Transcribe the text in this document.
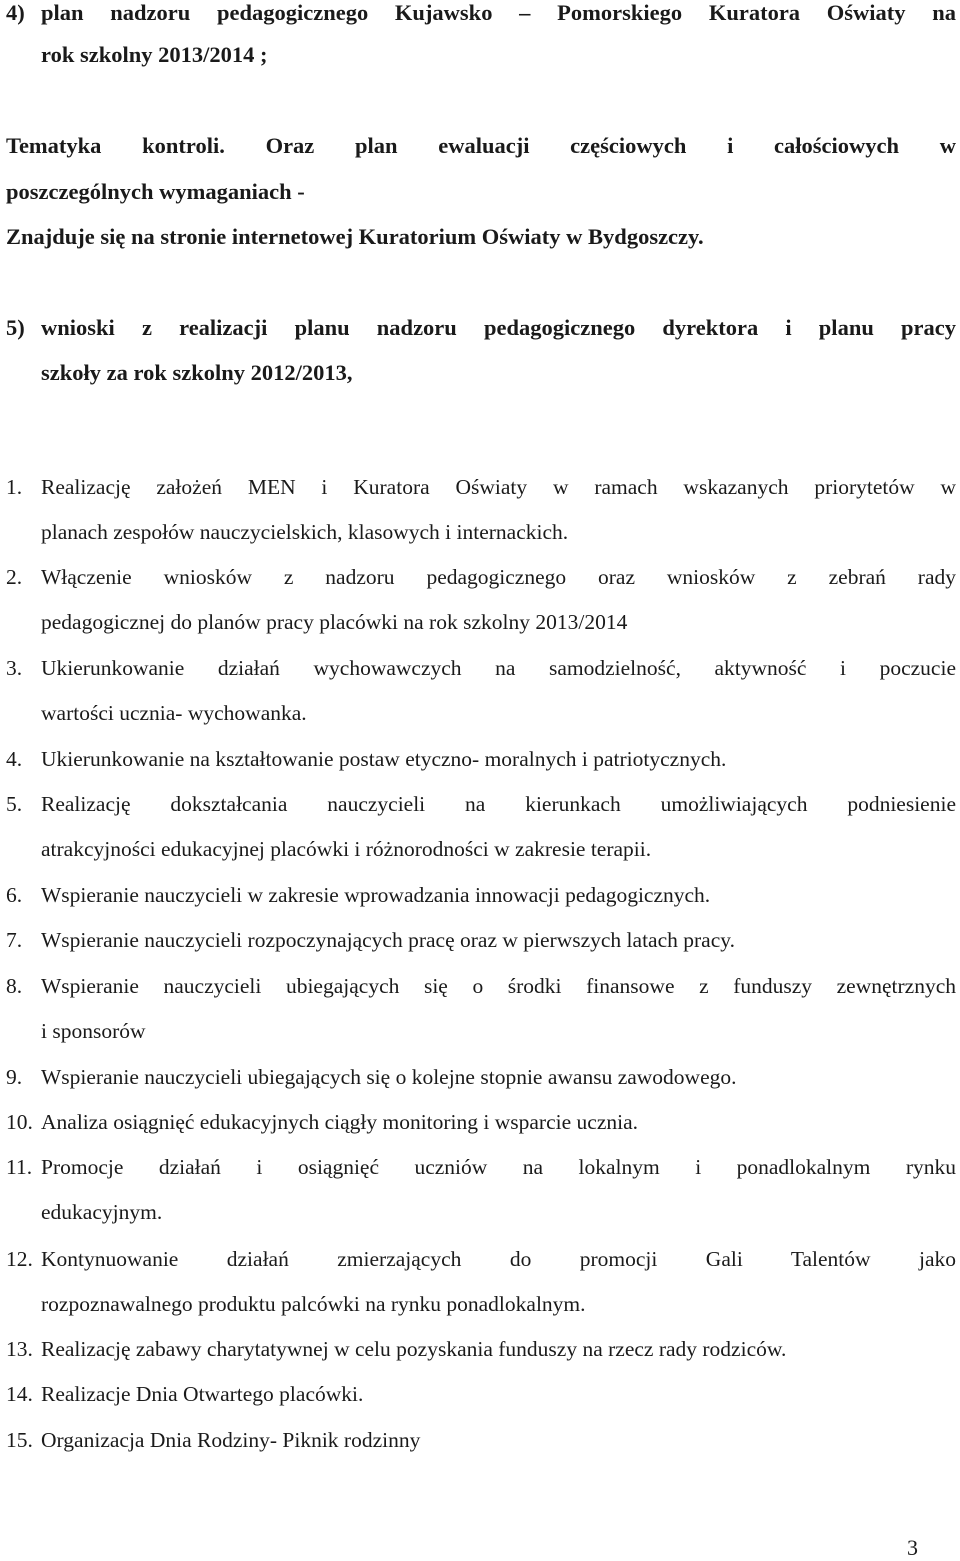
4) plan nadzoru pedagogicznego Kujawsko – Pomorskiego Kuratora Oświaty na
rok szkolny 2013/2014 ;
Tematyka kontroli. Oraz plan ewaluacji częściowych i całościowych w
poszczególnych wymaganiach -
Znajduje się na stronie internetowej Kuratorium Oświaty w Bydgoszczy.
5) wnioski z realizacji planu nadzoru pedagogicznego dyrektora i planu pracy
szkoły za rok szkolny 2012/2013,
1. Realizację założeń MEN i Kuratora Oświaty w ramach wskazanych priorytetów w
planach zespołów nauczycielskich, klasowych i internackich.
2. Włączenie wniosków z nadzoru pedagogicznego oraz wniosków z zebrań rady
pedagogicznej do planów pracy placówki na rok szkolny 2013/2014
3. Ukierunkowanie działań wychowawczych na samodzielność, aktywność i poczucie
wartości ucznia- wychowanka.
4. Ukierunkowanie na kształtowanie postaw etyczno- moralnych i patriotycznych.
5. Realizację dokształcania nauczycieli na kierunkach umożliwiających podniesienie
atrakcyjności edukacyjnej placówki i różnorodności w zakresie terapii.
6. Wspieranie nauczycieli w zakresie wprowadzania innowacji pedagogicznych.
7. Wspieranie nauczycieli rozpoczynających pracę oraz w pierwszych latach pracy.
8. Wspieranie nauczycieli ubiegających się o środki finansowe z funduszy zewnętrznych
i sponsorów
9. Wspieranie nauczycieli ubiegających się o kolejne stopnie awansu zawodowego.
10. Analiza osiągnięć edukacyjnych ciągły monitoring i wsparcie ucznia.
11. Promocje działań i osiągnięć uczniów na lokalnym i ponadlokalnym rynku
edukacyjnym.
12. Kontynuowanie działań zmierzających do promocji Gali Talentów jako
rozpoznawalnego produktu palcówki na rynku ponadlokalnym.
13. Realizację zabawy charytatywnej w celu pozyskania funduszy na rzecz rady rodziców.
14. Realizacje Dnia Otwartego placówki.
15. Organizacja Dnia Rodziny- Piknik rodzinny
3
